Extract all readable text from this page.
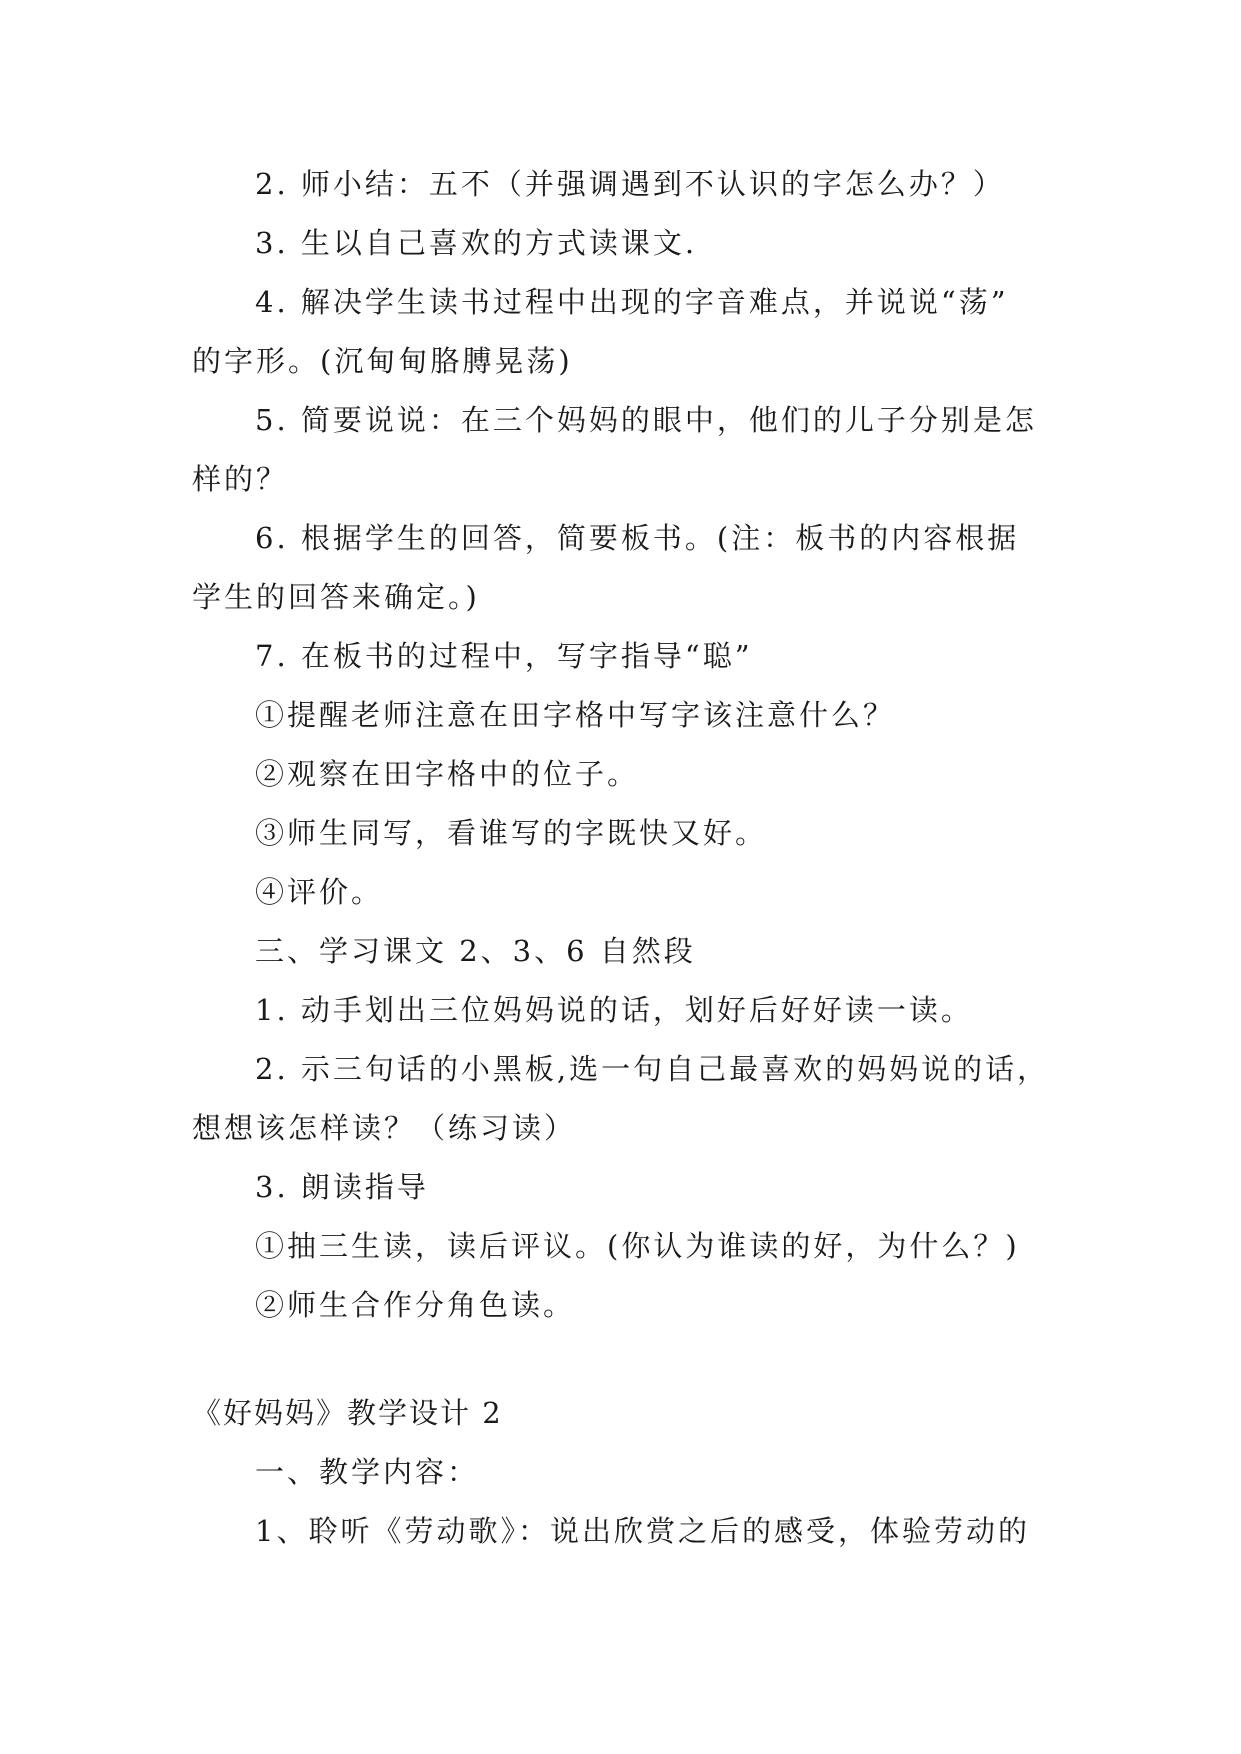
2. 师小结：五不（并强调遇到不认识的字怎么办？）
3. 生以自己喜欢的方式读课文.
4. 解决学生读书过程中出现的字音难点，并说说“荡”
的字形。(沉甸甸胳膊晃荡)
5. 简要说说：在三个妈妈的眼中，他们的儿子分别是怎
样的？
6. 根据学生的回答，简要板书。(注：板书的内容根据
学生的回答来确定。)
7. 在板书的过程中，写字指导“聪”
①提醒老师注意在田字格中写字该注意什么？
②观察在田字格中的位子。
③师生同写，看谁写的字既快又好。
④评价。
三、学习课文 2、3、6 自然段
1. 动手划出三位妈妈说的话，划好后好好读一读。
2. 示三句话的小黑板,选一句自己最喜欢的妈妈说的话，
想想该怎样读？（练习读）
3. 朗读指导
①抽三生读，读后评议。(你认为谁读的好，为什么？)
②师生合作分角色读。
《好妈妈》教学设计 2
一、教学内容：
1、聆听《劳动歌》：说出欣赏之后的感受，体验劳动的
